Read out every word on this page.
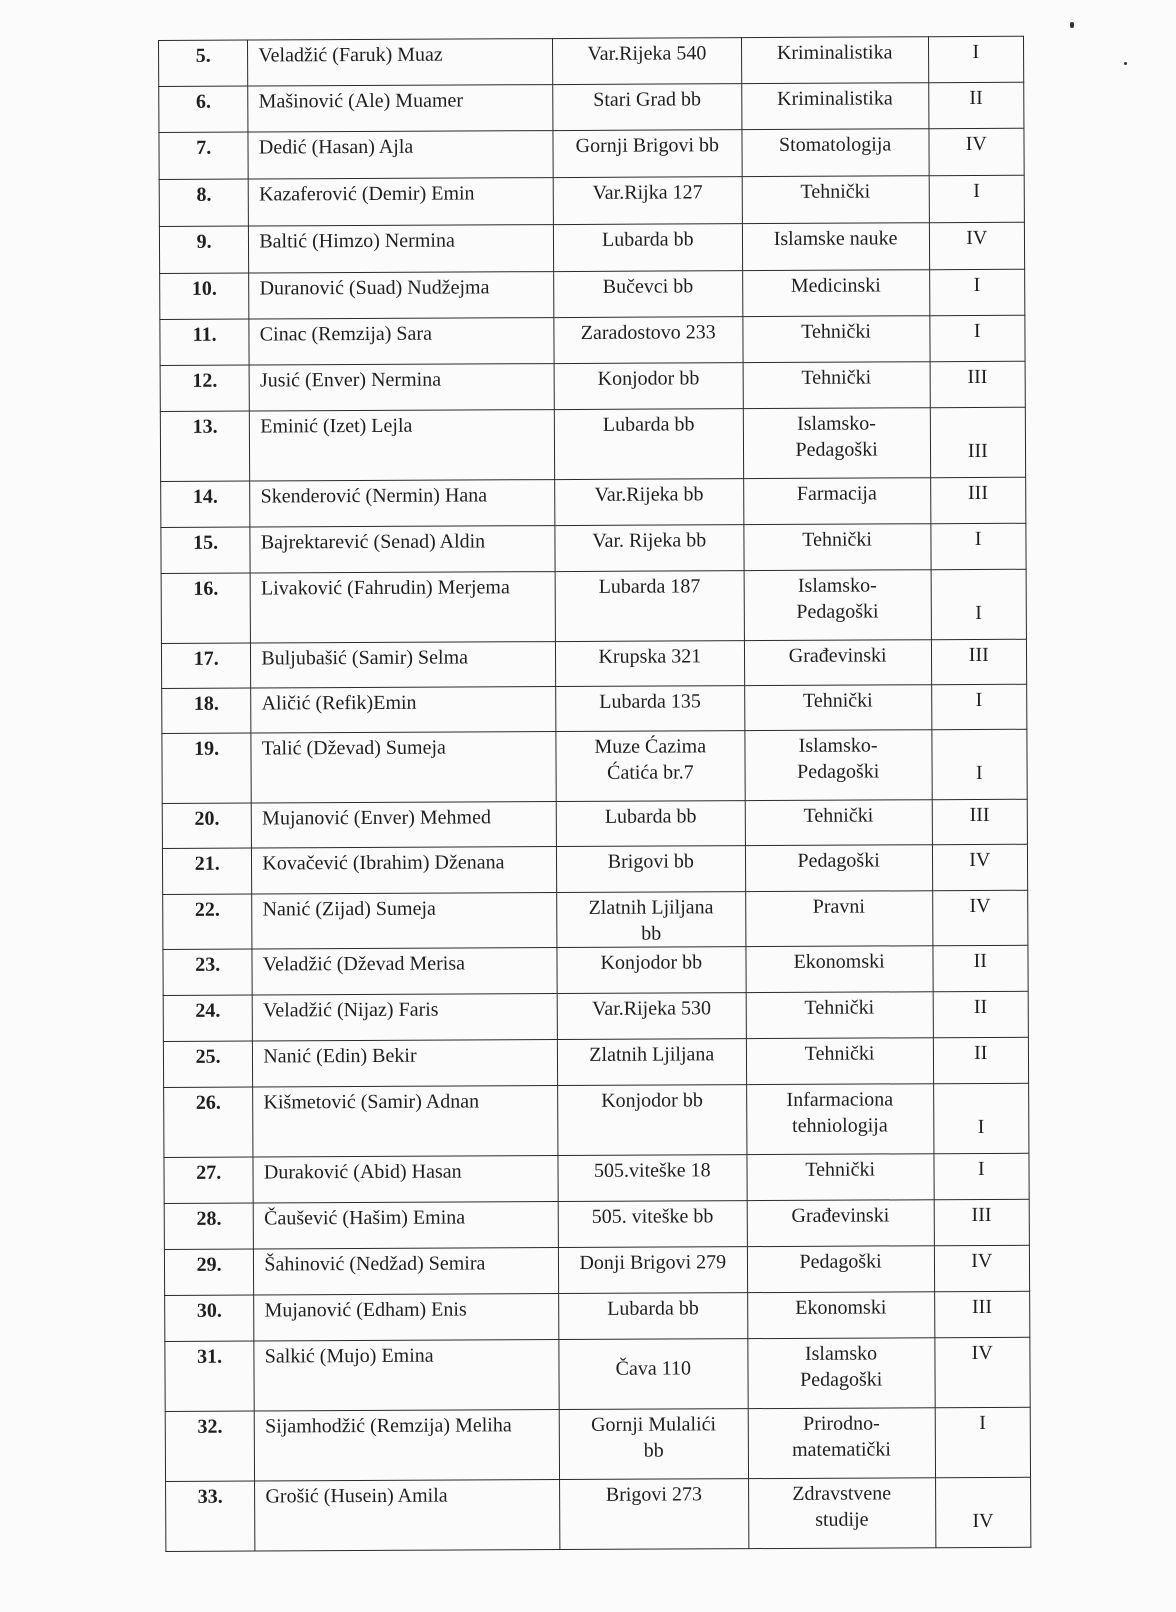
5.	Veladžić (Faruk) Muaz	Var.Rijeka 540	Kriminalistika	I

6.	Mašinović (Ale) Muamer	Stari Grad bb	Kriminalistika	II

7.	Dedić (Hasan) Ajla	Gornji Brigovi bb	Stomatologija	IV

8.	Kazaferović (Demir) Emin	Var.Rijka 127	Tehnički	I

9.	Baltić (Himzo) Nermina	Lubarda bb	Islamske nauke	IV

10.	Duranović (Suad) Nudžejma	Bučevci bb	Medicinski	I

11.	Cinac (Remzija) Sara	Zaradostovo 233	Tehnički	I

12.	Jusić (Enver) Nermina	Konjodor bb	Tehnički	III

13.	Eminić (Izet) Lejla	Lubarda bb	Islamsko-
Pedagoški	III

14.	Skenderović (Nermin) Hana	Var.Rijeka bb	Farmacija	III

15.	Bajrektarević (Senad) Aldin	Var. Rijeka bb	Tehnički	I

16.	Livaković (Fahrudin) Merjema	Lubarda 187	Islamsko-
Pedagoški	I

17.	Buljubašić (Samir) Selma	Krupska 321	Građevinski	III

18.	Aličić (Refik)Emin	Lubarda 135	Tehnički	I

19.	Talić (Dževad) Sumeja	Muze Ćazima
Ćatića br.7	Islamsko-
Pedagoški	I

20.	Mujanović (Enver) Mehmed	Lubarda bb	Tehnički	III

21.	Kovačević (Ibrahim) Dženana	Brigovi bb	Pedagoški	IV

22.	Nanić (Zijad) Sumeja	Zlatnih Ljiljana
bb	Pravni	IV

23.	Veladžić (Dževad Merisa	Konjodor bb	Ekonomski	II

24.	Veladžić (Nijaz) Faris	Var.Rijeka 530	Tehnički	II

25.	Nanić (Edin) Bekir	Zlatnih Ljiljana	Tehnički	II

26.	Kišmetović (Samir) Adnan	Konjodor bb	Infarmaciona
tehniologija	I

27.	Duraković (Abid) Hasan	505.viteške 18	Tehnički	I

28.	Čaušević (Hašim) Emina	505. viteške bb	Građevinski	III

29.	Šahinović (Nedžad) Semira	Donji Brigovi 279	Pedagoški	IV

30.	Mujanović (Edham) Enis	Lubarda bb	Ekonomski	III

31.	Salkić (Mujo) Emina	Čava 110	Islamsko
Pedagoški	IV

32.	Sijamhodžić (Remzija) Meliha	Gornji Mulalići
bb	Prirodno-
matematički	I

33.	Grošić (Husein) Amila	Brigovi 273	Zdravstvene
studije	IV
